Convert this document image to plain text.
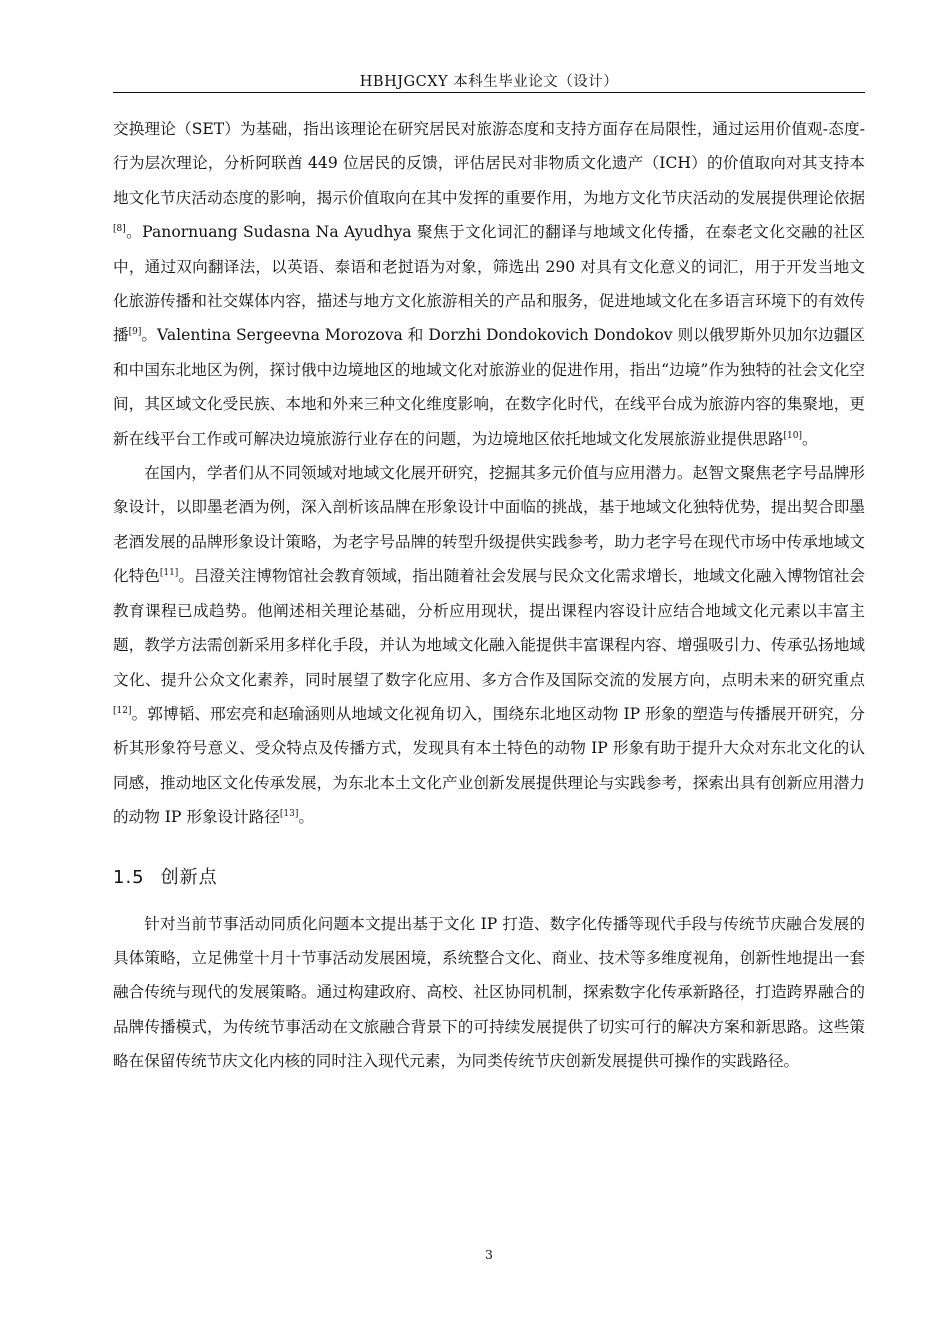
HBHJGCXY 本科生毕业论文（设计）

交换理论（SET）为基础，指出该理论在研究居民对旅游态度和支持方面存在局限性，通过运用价值观-态度-行为层次理论，分析阿联酋 449 位居民的反馈，评估居民对非物质文化遗产（ICH）的价值取向对其支持本地文化节庆活动态度的影响，揭示价值取向在其中发挥的重要作用，为地方文化节庆活动的发展提供理论依据[8]。Panornuang Sudasna Na Ayudhya 聚焦于文化词汇的翻译与地域文化传播，在泰老文化交融的社区中，通过双向翻译法，以英语、泰语和老挝语为对象，筛选出 290 对具有文化意义的词汇，用于开发当地文化旅游传播和社交媒体内容，描述与地方文化旅游相关的产品和服务，促进地域文化在多语言环境下的有效传播[9]。Valentina Sergeevna Morozova 和 Dorzhi Dondokovich Dondokov 则以俄罗斯外贝加尔边疆区和中国东北地区为例，探讨俄中边境地区的地域文化对旅游业的促进作用，指出“边境”作为独特的社会文化空间，其区域文化受民族、本地和外来三种文化维度影响，在数字化时代，在线平台成为旅游内容的集聚地，更新在线平台工作或可解决边境旅游行业存在的问题，为边境地区依托地域文化发展旅游业提供思路[10]。

在国内，学者们从不同领域对地域文化展开研究，挖掘其多元价值与应用潜力。赵智文聚焦老字号品牌形象设计，以即墨老酒为例，深入剖析该品牌在形象设计中面临的挑战，基于地域文化独特优势，提出契合即墨老酒发展的品牌形象设计策略，为老字号品牌的转型升级提供实践参考，助力老字号在现代市场中传承地域文化特色[11]。吕澄关注博物馆社会教育领域，指出随着社会发展与民众文化需求增长，地域文化融入博物馆社会教育课程已成趋势。他阐述相关理论基础，分析应用现状，提出课程内容设计应结合地域文化元素以丰富主题，教学方法需创新采用多样化手段，并认为地域文化融入能提供丰富课程内容、增强吸引力、传承弘扬地域文化、提升公众文化素养，同时展望了数字化应用、多方合作及国际交流的发展方向，点明未来的研究重点[12]。郭博韬、邢宏亮和赵瑜涵则从地域文化视角切入，围绕东北地区动物 IP 形象的塑造与传播展开研究，分析其形象符号意义、受众特点及传播方式，发现具有本土特色的动物 IP 形象有助于提升大众对东北文化的认同感，推动地区文化传承发展，为东北本土文化产业创新发展提供理论与实践参考，探索出具有创新应用潜力的动物 IP 形象设计路径[13]。

1.5 创新点

针对当前节事活动同质化问题本文提出基于文化 IP 打造、数字化传播等现代手段与传统节庆融合发展的具体策略，立足佛堂十月十节事活动发展困境，系统整合文化、商业、技术等多维度视角，创新性地提出一套融合传统与现代的发展策略。通过构建政府、高校、社区协同机制，探索数字化传承新路径，打造跨界融合的品牌传播模式，为传统节事活动在文旅融合背景下的可持续发展提供了切实可行的解决方案和新思路。这些策略在保留传统节庆文化内核的同时注入现代元素，为同类传统节庆创新发展提供可操作的实践路径。

3
